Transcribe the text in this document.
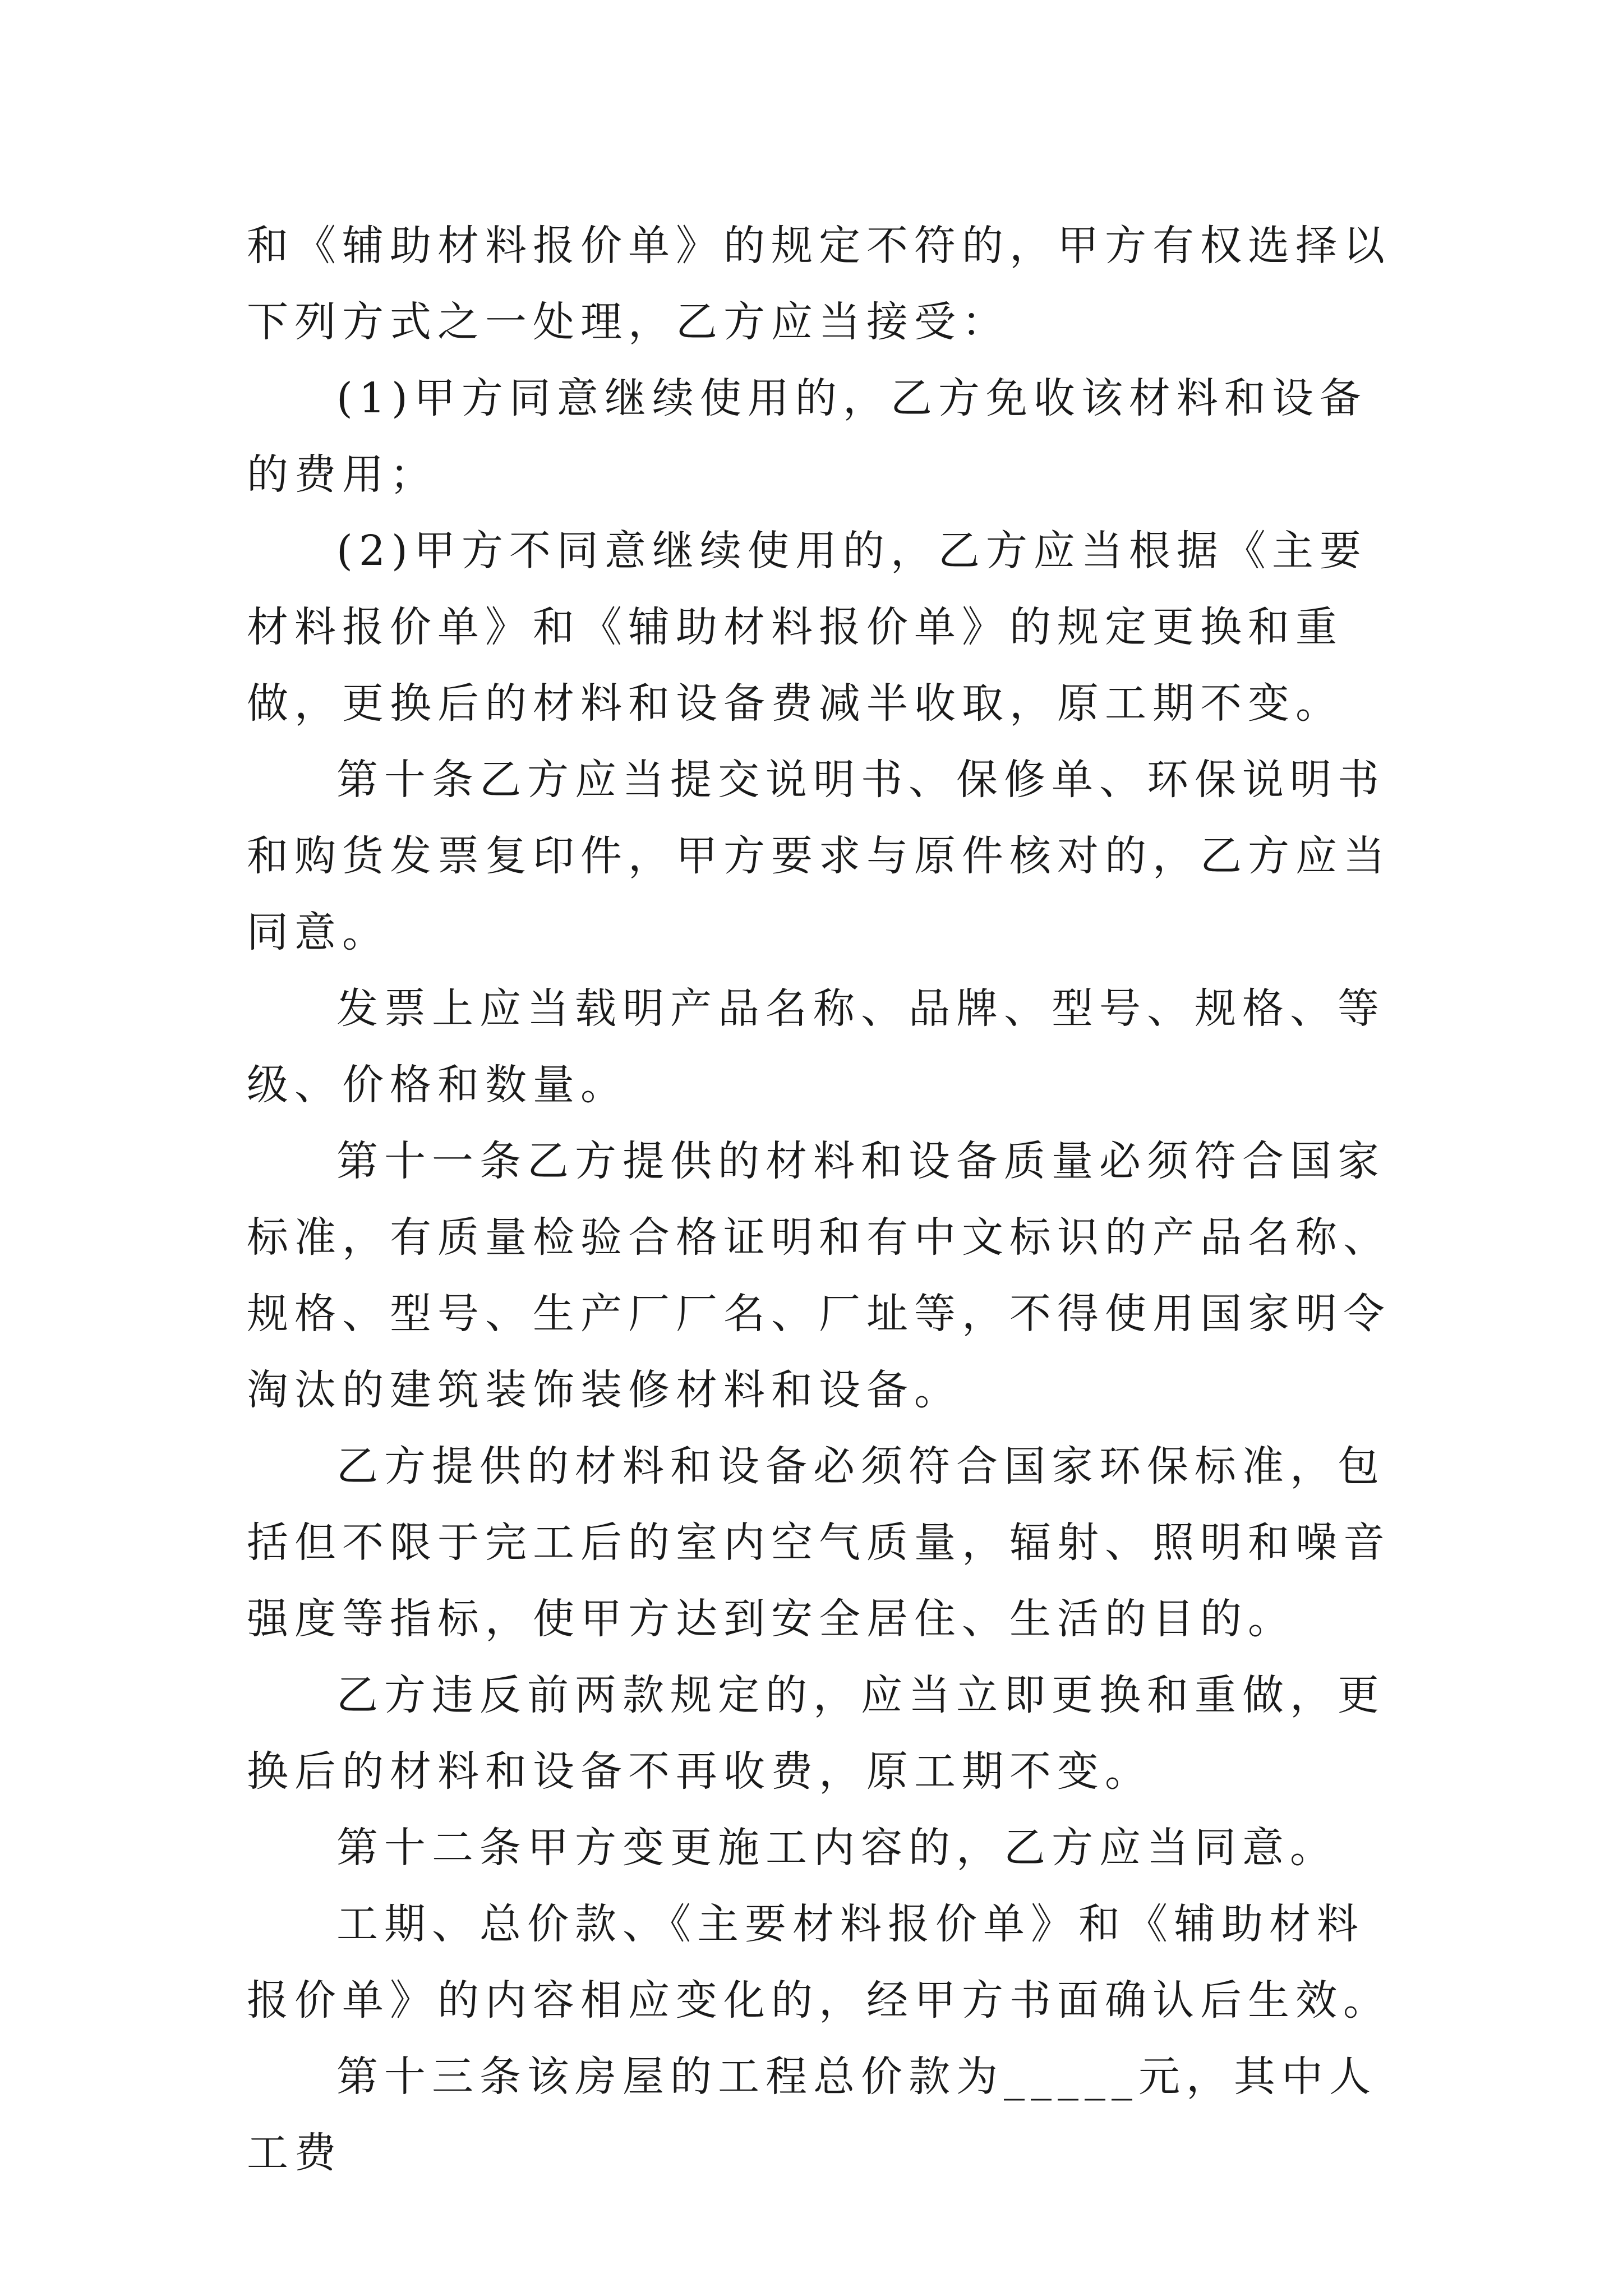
和《辅助材料报价单》的规定不符的，甲方有权选择以下列方式之一处理，乙方应当接受：

(1)甲方同意继续使用的，乙方免收该材料和设备的费用；

(2)甲方不同意继续使用的，乙方应当根据《主要材料报价单》和《辅助材料报价单》的规定更换和重做，更换后的材料和设备费减半收取，原工期不变。

第十条乙方应当提交说明书、保修单、环保说明书和购货发票复印件，甲方要求与原件核对的，乙方应当同意。

发票上应当载明产品名称、品牌、型号、规格、等级、价格和数量。

第十一条乙方提供的材料和设备质量必须符合国家标准，有质量检验合格证明和有中文标识的产品名称、规格、型号、生产厂厂名、厂址等，不得使用国家明令淘汰的建筑装饰装修材料和设备。

乙方提供的材料和设备必须符合国家环保标准，包括但不限于完工后的室内空气质量，辐射、照明和噪音强度等指标，使甲方达到安全居住、生活的目的。

乙方违反前两款规定的，应当立即更换和重做，更换后的材料和设备不再收费，原工期不变。

第十二条甲方变更施工内容的，乙方应当同意。

工期、总价款、《主要材料报价单》和《辅助材料报价单》的内容相应变化的，经甲方书面确认后生效。

第十三条该房屋的工程总价款为_____元，其中人工费
